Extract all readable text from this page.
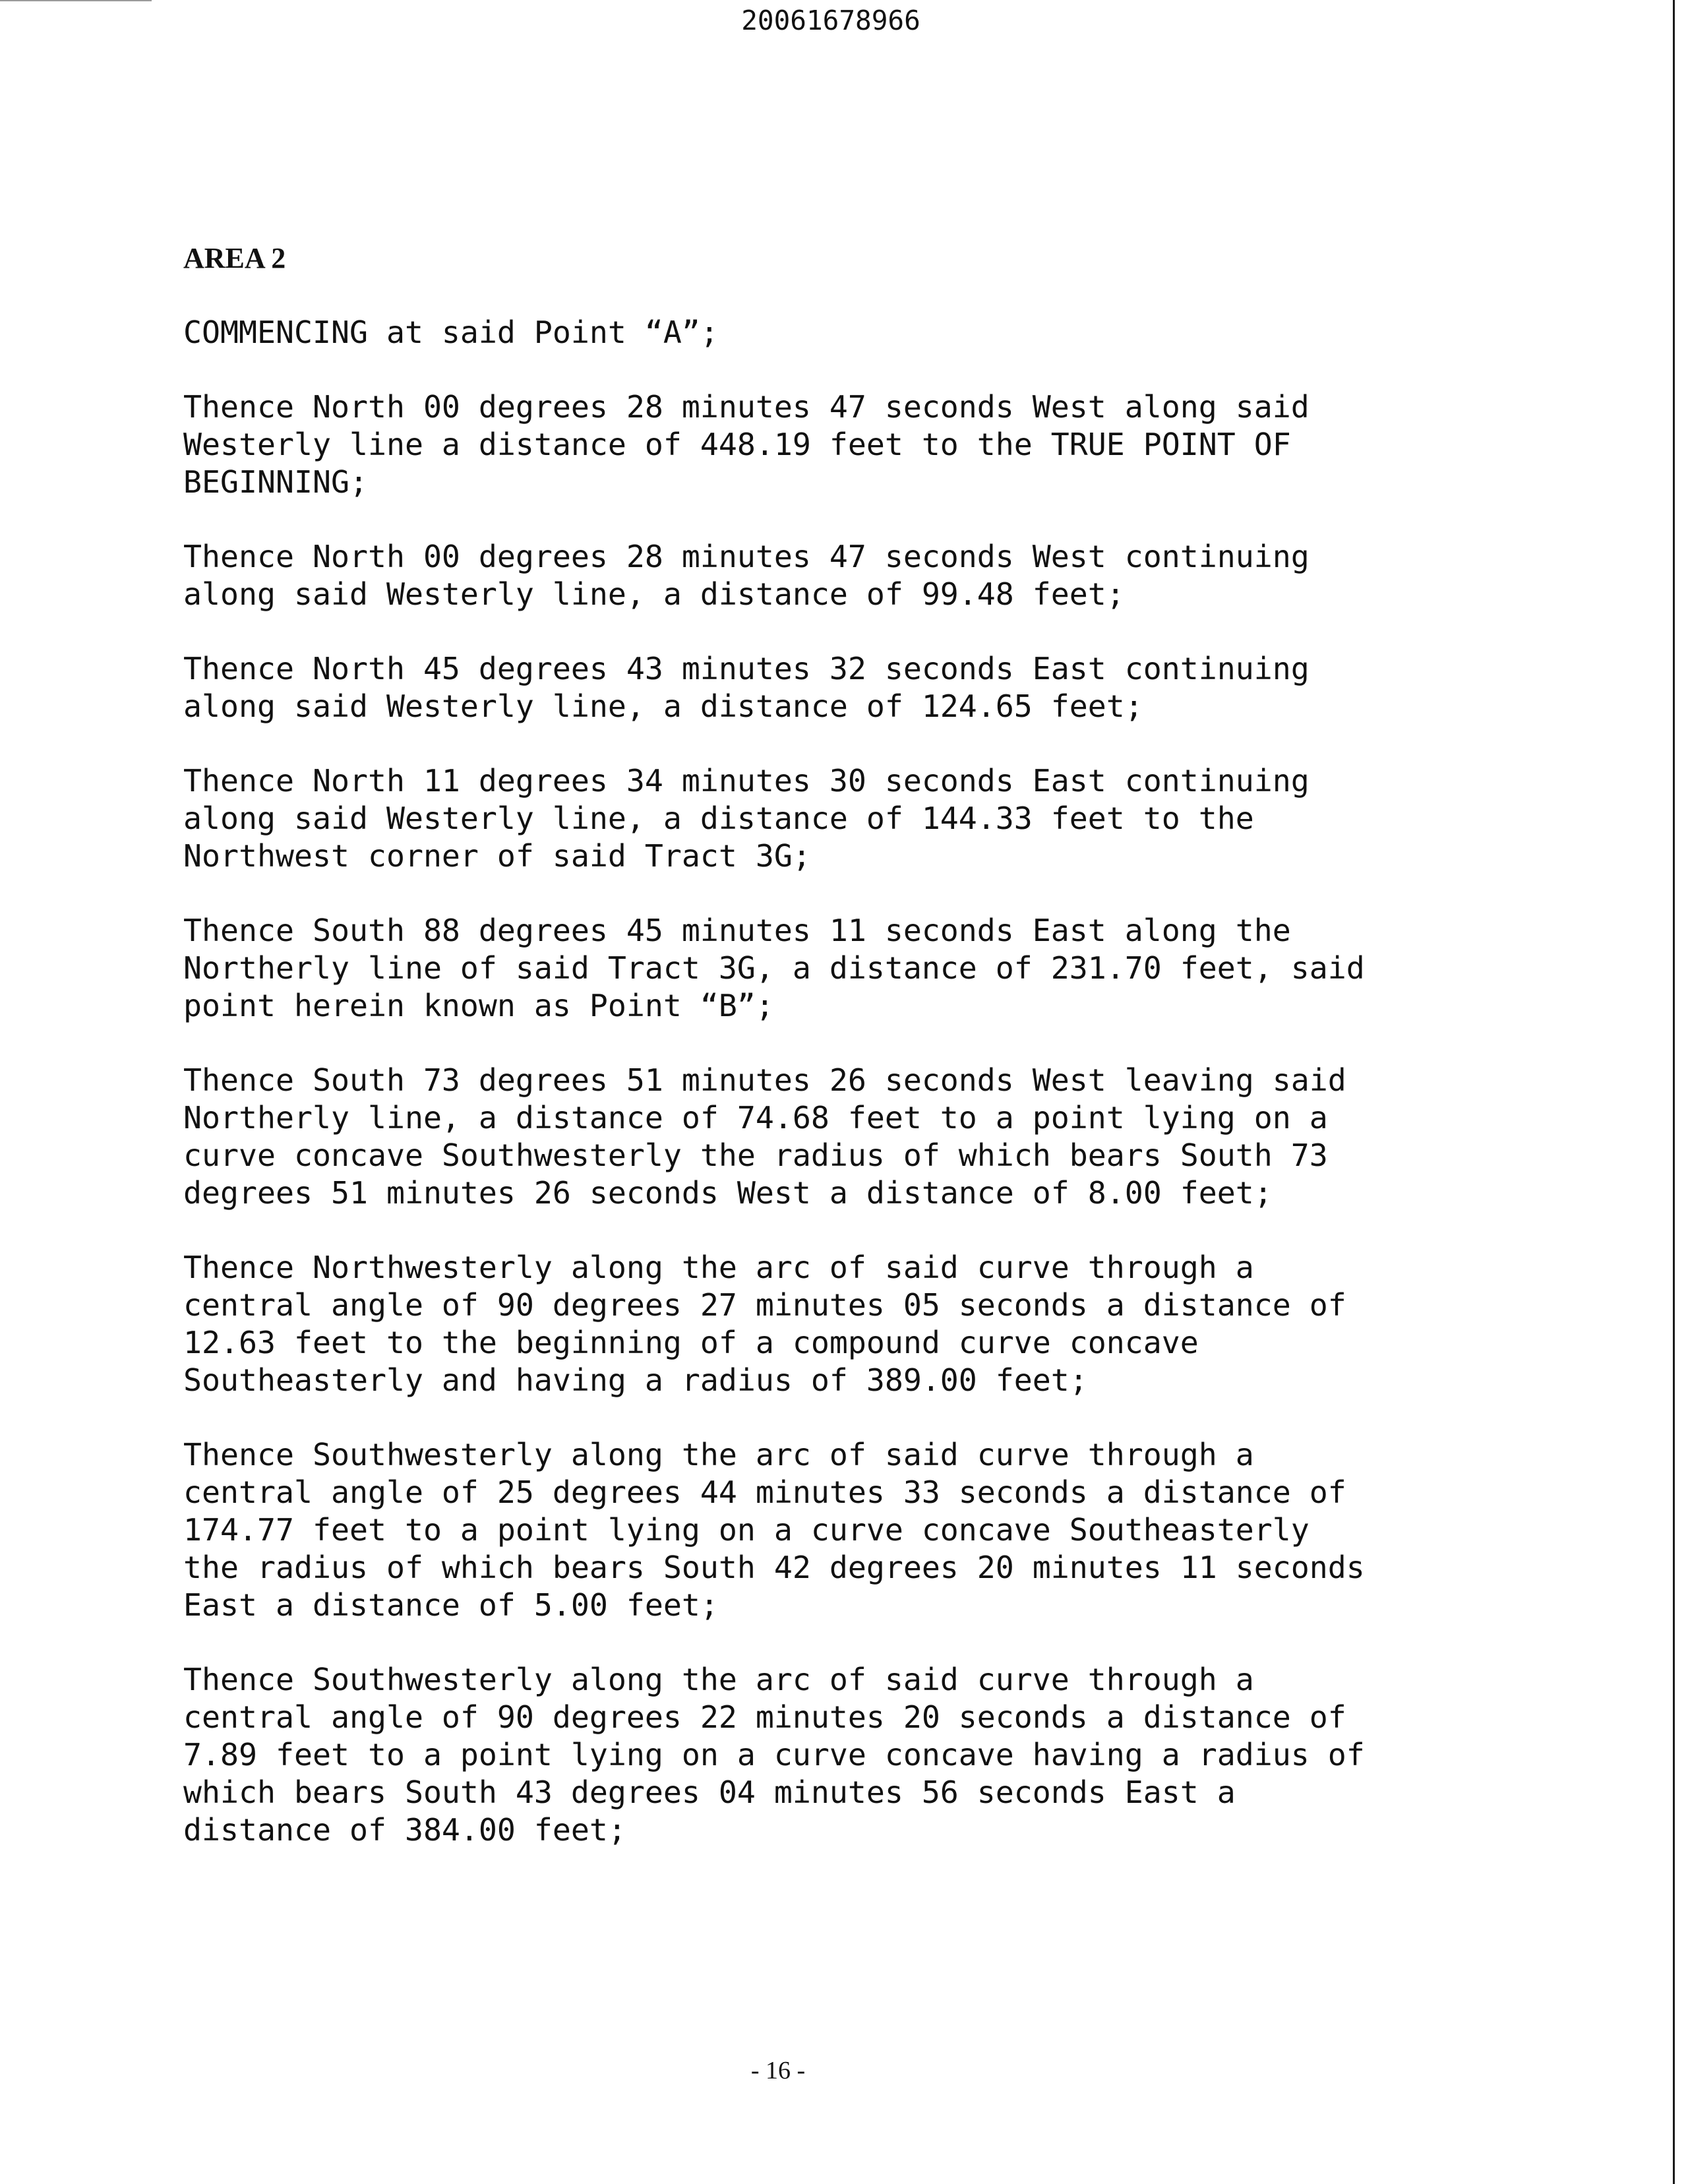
20061678966
AREA 2

COMMENCING at said Point “A”;

Thence North 00 degrees 28 minutes 47 seconds West along said
Westerly line a distance of 448.19 feet to the TRUE POINT OF
BEGINNING;

Thence North 00 degrees 28 minutes 47 seconds West continuing
along said Westerly line, a distance of 99.48 feet;

Thence North 45 degrees 43 minutes 32 seconds East continuing
along said Westerly line, a distance of 124.65 feet;

Thence North 11 degrees 34 minutes 30 seconds East continuing
along said Westerly line, a distance of 144.33 feet to the
Northwest corner of said Tract 3G;

Thence South 88 degrees 45 minutes 11 seconds East along the
Northerly line of said Tract 3G, a distance of 231.70 feet, said
point herein known as Point “B”;

Thence South 73 degrees 51 minutes 26 seconds West leaving said
Northerly line, a distance of 74.68 feet to a point lying on a
curve concave Southwesterly the radius of which bears South 73
degrees 51 minutes 26 seconds West a distance of 8.00 feet;

Thence Northwesterly along the arc of said curve through a
central angle of 90 degrees 27 minutes 05 seconds a distance of
12.63 feet to the beginning of a compound curve concave
Southeasterly and having a radius of 389.00 feet;

Thence Southwesterly along the arc of said curve through a
central angle of 25 degrees 44 minutes 33 seconds a distance of
174.77 feet to a point lying on a curve concave Southeasterly
the radius of which bears South 42 degrees 20 minutes 11 seconds
East a distance of 5.00 feet;

Thence Southwesterly along the arc of said curve through a
central angle of 90 degrees 22 minutes 20 seconds a distance of
7.89 feet to a point lying on a curve concave having a radius of
which bears South 43 degrees 04 minutes 56 seconds East a
distance of 384.00 feet;

- 16 -
